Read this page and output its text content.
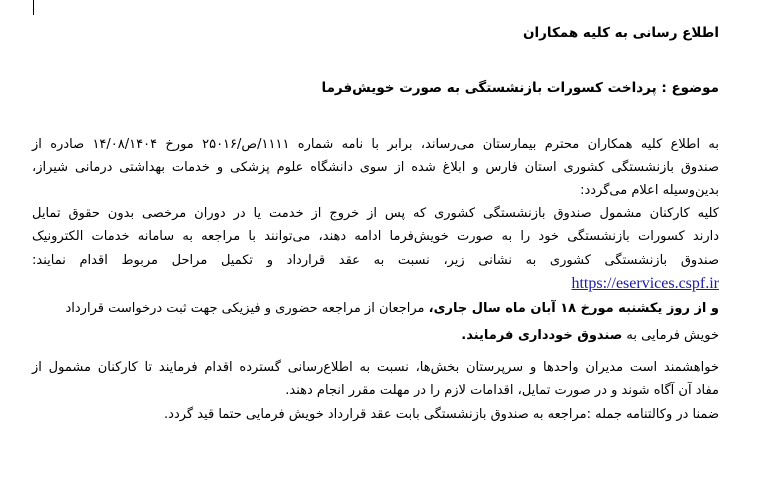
اطلاع رسانی به کلیه همکاران
موضوع : پرداخت کسورات بازنشستگی به صورت خویش‌فرما
به اطلاع کلیه همکاران محترم بیمارستان می‌رساند، برابر با نامه شماره ۱۱۱۱/ص/۲۵۰۱۶ مورخ ۱۴/۰۸/۱۴۰۴ صادره از
صندوق بازنشستگی کشوری استان فارس و ابلاغ شده از سوی دانشگاه علوم پزشکی و خدمات بهداشتی درمانی شیراز،
بدین‌وسیله اعلام می‌گردد:
کلیه کارکنان مشمول صندوق بازنشستگی کشوری که پس از خروج از خدمت یا در دوران مرخصی بدون حقوق تمایل
دارند کسورات بازنشستگی خود را به صورت خویش‌فرما ادامه دهند، می‌توانند با مراجعه به سامانه خدمات الکترونیک
صندوق بازنشستگی کشوری به نشانی زیر، نسبت به عقد قرارداد و تکمیل مراحل مربوط اقدام نمایند:
https://eservices.cspf.ir
و از روز یکشنبه مورخ ۱۸ آبان ماه سال جاری، مراجعان از مراجعه حضوری و فیزیکی جهت ثبت درخواست قرارداد
خویش فرمایی به صندوق خودداری فرمایند.
خواهشمند است مدیران واحدها و سرپرستان بخش‌ها، نسبت به اطلاع‌رسانی گسترده اقدام فرمایند تا کارکنان مشمول از
مفاد آن آگاه شوند و در صورت تمایل، اقدامات لازم را در مهلت مقرر انجام دهند.
ضمنا در وکالتنامه جمله :مراجعه به صندوق بازنشستگی بابت عقد قرارداد خویش فرمایی حتما قید گردد.
